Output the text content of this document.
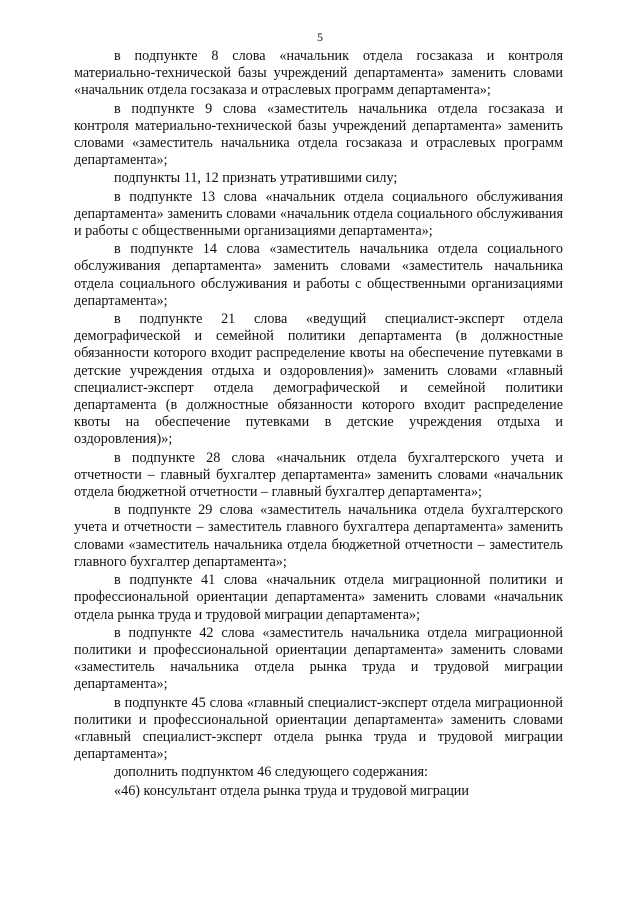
5

в подпункте 8 слова «начальник отдела госзаказа и контроля материально-технической базы учреждений департамента» заменить словами «начальник отдела госзаказа и отраслевых программ департамента»;

в подпункте 9 слова «заместитель начальника отдела госзаказа и контроля материально-технической базы учреждений департамента» заменить словами «заместитель начальника отдела госзаказа и отраслевых программ департамента»;

подпункты 11, 12 признать утратившими силу;

в подпункте 13 слова «начальник отдела социального обслуживания департамента» заменить словами «начальник отдела социального обслуживания и работы с общественными организациями департамента»;

в подпункте 14 слова «заместитель начальника отдела социального обслуживания департамента» заменить словами «заместитель начальника отдела социального обслуживания и работы с общественными организациями департамента»;

в подпункте 21 слова «ведущий специалист-эксперт отдела демографической и семейной политики департамента (в должностные обязанности которого входит распределение квоты на обеспечение путевками в детские учреждения отдыха и оздоровления)» заменить словами «главный специалист-эксперт отдела демографической и семейной политики департамента (в должностные обязанности которого входит распределение квоты на обеспечение путевками в детские учреждения отдыха и оздоровления)»;

в подпункте 28 слова «начальник отдела бухгалтерского учета и отчетности – главный бухгалтер департамента» заменить словами «начальник отдела бюджетной отчетности – главный бухгалтер департамента»;

в подпункте 29 слова «заместитель начальника отдела бухгалтерского учета и отчетности – заместитель главного бухгалтера департамента» заменить словами «заместитель начальника отдела бюджетной отчетности – заместитель главного бухгалтер департамента»;

в подпункте 41 слова «начальник отдела миграционной политики и профессиональной ориентации департамента» заменить словами «начальник отдела рынка труда и трудовой миграции департамента»;

в подпункте 42 слова «заместитель начальника отдела миграционной политики и профессиональной ориентации департамента» заменить словами «заместитель начальника отдела рынка труда и трудовой миграции департамента»;

в подпункте 45 слова «главный специалист-эксперт отдела миграционной политики и профессиональной ориентации департамента» заменить словами «главный специалист-эксперт отдела рынка труда и трудовой миграции департамента»;

дополнить подпунктом 46 следующего содержания:

«46) консультант отдела рынка труда и трудовой миграции
